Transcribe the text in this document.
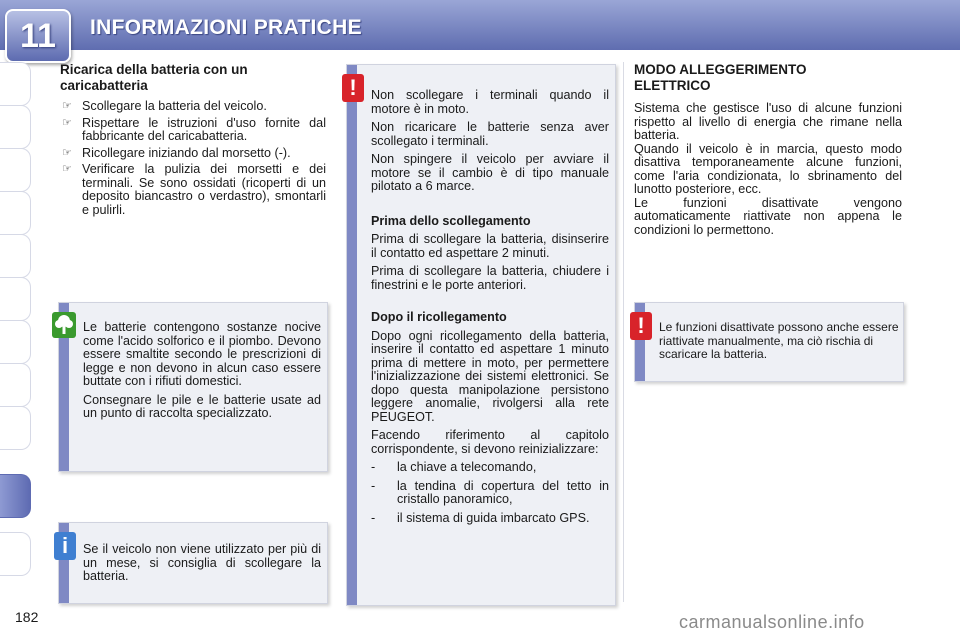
INFORMAZIONI PRATICHE
11
Ricarica della batteria con un caricabatteria
☞ Scollegare la batteria del veicolo.
☞ Rispettare le istruzioni d'uso fornite dal fabbricante del caricabatteria.
☞ Ricollegare iniziando dal morsetto (-).
☞ Verificare la pulizia dei morsetti e dei terminali. Se sono ossidati (ricoperti di un deposito biancastro o verdastro), smontarli e pulirli.

Le batterie contengono sostanze nocive come l'acido solforico e il piombo. Devono essere smaltite secondo le prescrizioni di legge e non devono in alcun caso essere buttate con i rifiuti domestici.

Consegnare le pile e le batterie usate ad un punto di raccolta specializzato.

Se il veicolo non viene utilizzato per più di un mese, si consiglia di scollegare la batteria.
i

Non scollegare i terminali quando il motore è in moto.

Non ricaricare le batterie senza aver scollegato i terminali.

Non spingere il veicolo per avviare il motore se il cambio è di tipo manuale pilotato a 6 marce.

Prima dello scollegamento

Prima di scollegare la batteria, disinserire il contatto ed aspettare 2 minuti.

Prima di scollegare la batteria, chiudere i finestrini e le porte anteriori.

Dopo il ricollegamento

Dopo ogni ricollegamento della batteria, inserire il contatto ed aspettare 1 minuto prima di mettere in moto, per permettere l'inizializzazione dei sistemi elettronici. Se dopo questa manipolazione persistono leggere anomalie, rivolgersi alla rete PEUGEOT.

Facendo riferimento al capitolo corrispondente, si devono reinizializzare:

- la chiave a telecomando,

- la tendina di copertura del tetto in cristallo panoramico,

- il sistema di guida imbarcato GPS.

!
MODO ALLEGGERIMENTO ELETTRICO

Sistema che gestisce l'uso di alcune funzioni rispetto al livello di energia che rimane nella batteria.

Quando il veicolo è in marcia, questo modo disattiva temporaneamente alcune funzioni, come l'aria condizionata, lo sbrinamento del lunotto posteriore, ecc.

Le funzioni disattivate vengono automaticamente riattivate non appena le condizioni lo permettono.

Le funzioni disattivate possono anche essere riattivate manualmente, ma ciò rischia di scaricare la batteria.
!
182	carmanualsonline.info
